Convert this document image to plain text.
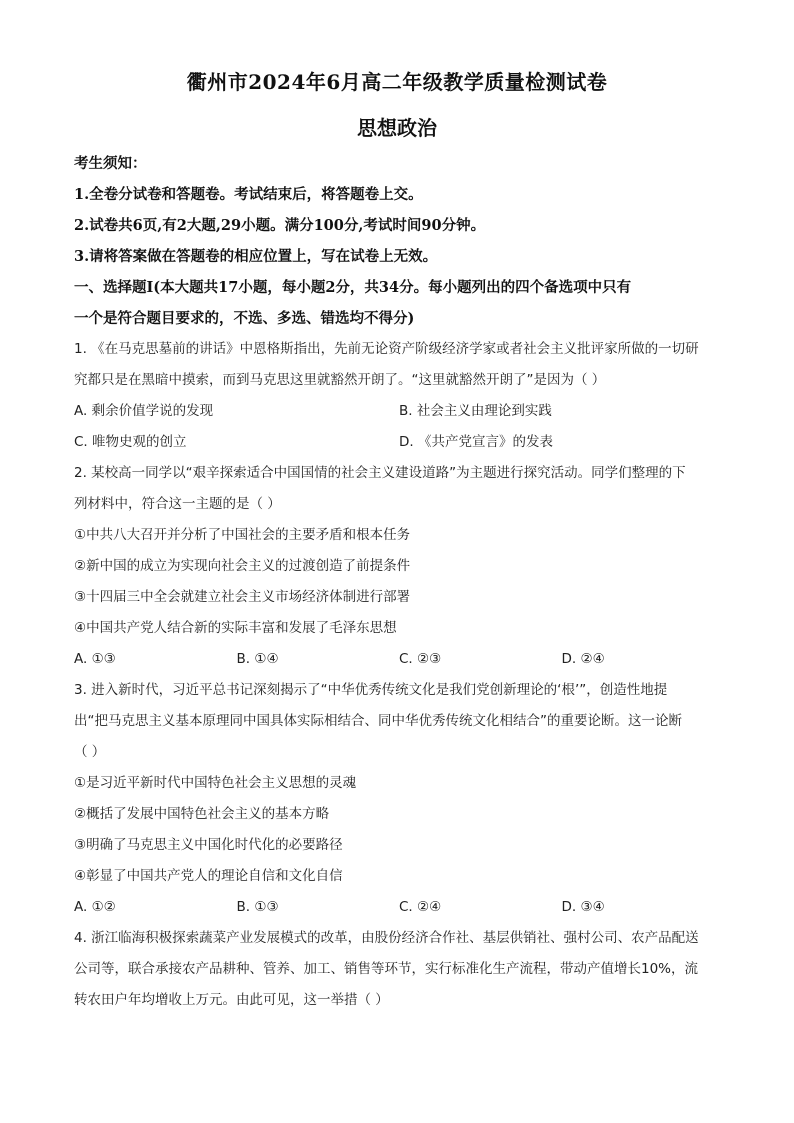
衢州市2024年6月高二年级教学质量检测试卷
思想政治
考生须知：
1.全卷分试卷和答题卷。考试结束后，将答题卷上交。
2.试卷共6页,有2大题,29小题。满分100分,考试时间90分钟。
3.请将答案做在答题卷的相应位置上，写在试卷上无效。
一、选择题Ⅰ(本大题共17小题，每小题2分，共34分。每小题列出的四个备选项中只有
一个是符合题目要求的，不选、多选、错选均不得分)
1. 《在马克思墓前的讲话》中恩格斯指出，先前无论资产阶级经济学家或者社会主义批评家所做的一切研
究都只是在黑暗中摸索，而到马克思这里就豁然开朗了。“这里就豁然开朗了”是因为（ ）
A. 剩余价值学说的发现	B. 社会主义由理论到实践
C. 唯物史观的创立	D. 《共产党宣言》的发表
2. 某校高一同学以“艰辛探索适合中国国情的社会主义建设道路”为主题进行探究活动。同学们整理的下
列材料中，符合这一主题的是（ ）
①中共八大召开并分析了中国社会的主要矛盾和根本任务
②新中国的成立为实现向社会主义的过渡创造了前提条件
③十四届三中全会就建立社会主义市场经济体制进行部署
④中国共产党人结合新的实际丰富和发展了毛泽东思想
A. ①③	B. ①④	C. ②③	D. ②④
3. 进入新时代，习近平总书记深刻揭示了“中华优秀传统文化是我们党创新理论的‘根’”，创造性地提
出“把马克思主义基本原理同中国具体实际相结合、同中华优秀传统文化相结合”的重要论断。这一论断
（ ）
①是习近平新时代中国特色社会主义思想的灵魂
②概括了发展中国特色社会主义的基本方略
③明确了马克思主义中国化时代化的必要路径
④彰显了中国共产党人的理论自信和文化自信
A. ①②	B. ①③	C. ②④	D. ③④
4. 浙江临海积极探索蔬菜产业发展模式的改革，由股份经济合作社、基层供销社、强村公司、农产品配送
公司等，联合承接农产品耕种、管养、加工、销售等环节，实行标准化生产流程，带动产值增长10%，流
转农田户年均增收上万元。由此可见，这一举措（ ）
